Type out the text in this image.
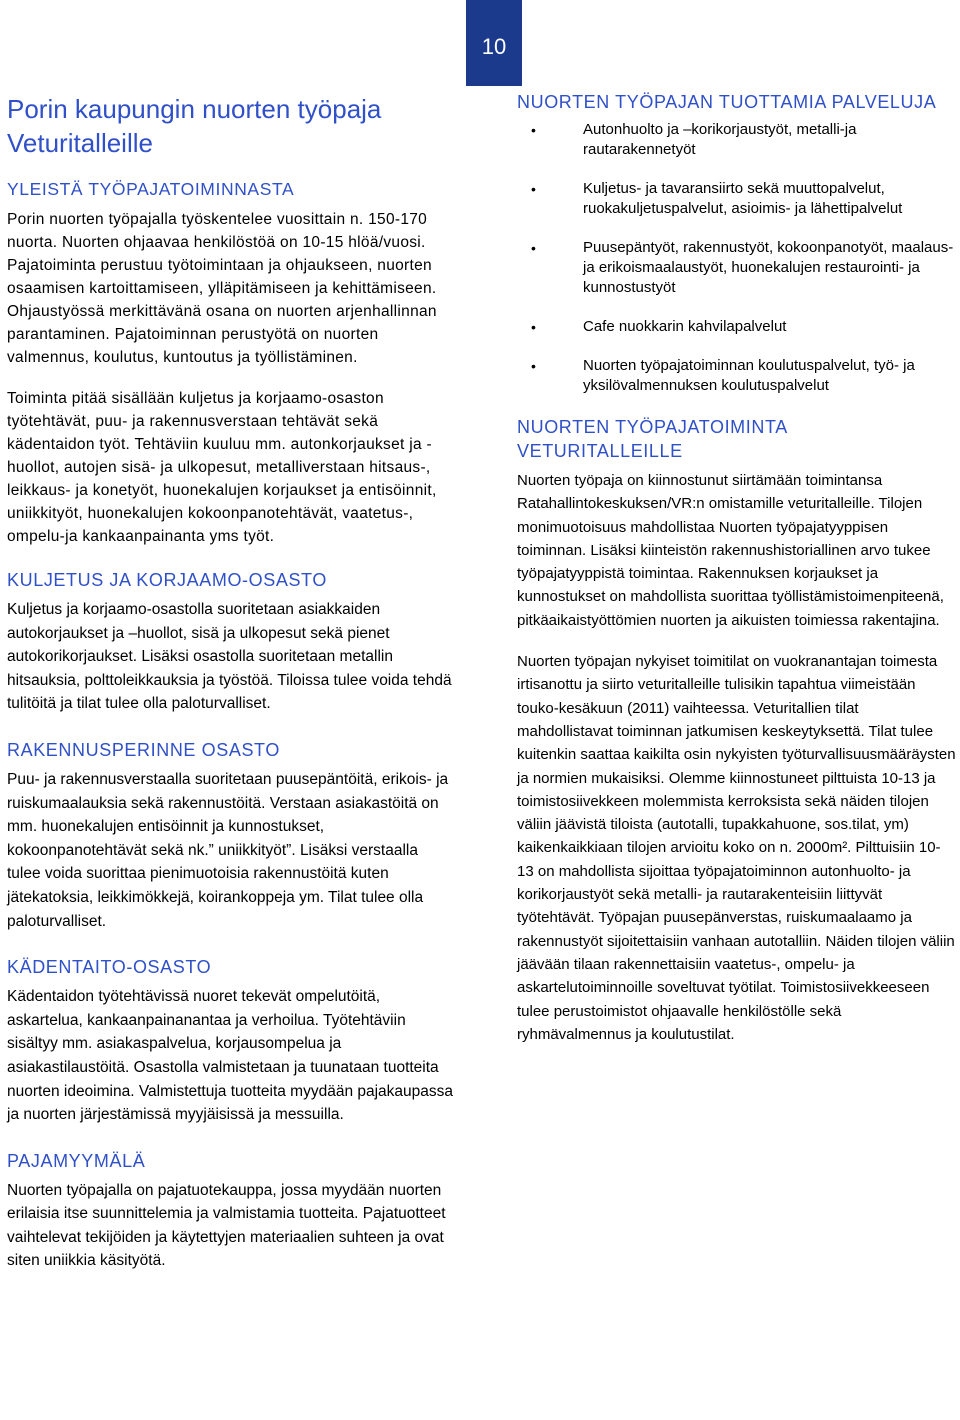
10
Porin kaupungin nuorten työpaja Veturitalleille
YLEISTÄ TYÖPAJATOIMINNASTA

Porin nuorten työpajalla työskentelee vuosittain n. 150-170 nuorta. Nuorten ohjaavaa henkilöstöä on 10-15 hlöä/vuosi. Pajatoiminta perustuu työtoimintaan ja ohjaukseen, nuorten osaamisen kartoittamiseen, ylläpitämiseen ja kehittämiseen. Ohjaustyössä merkittävänä osana on nuorten arjenhallinnan parantaminen. Pajatoiminnan perustyötä on nuorten valmennus, koulutus, kuntoutus ja työllistäminen.

Toiminta pitää sisällään kuljetus ja korjaamo-osaston työtehtävät, puu- ja rakennusverstaan tehtävät sekä kädentaidon työt. Tehtäviin kuuluu mm. autonkorjaukset ja -huollot, autojen sisä- ja ulkopesut, metalliverstaan hitsaus-, leikkaus- ja konetyöt, huonekalujen korjaukset ja entisöinnit, uniikkityöt, huonekalujen kokoonpanotehtävät, vaatetus-, ompelu-ja kankaanpainanta yms työt.

KULJETUS JA KORJAAMO-OSASTO

Kuljetus ja korjaamo-osastolla suoritetaan asiakkaiden autokorjaukset ja –huollot, sisä ja ulkopesut sekä pienet autokorikorjaukset. Lisäksi osastolla suoritetaan metallin hitsauksia, polttoleikkauksia ja työstöä. Tiloissa tulee voida tehdä tulitöitä ja tilat tulee olla paloturvalliset.

RAKENNUSPERINNE OSASTO

Puu- ja rakennusverstaalla suoritetaan puusepäntöitä, erikois- ja ruiskumaalauksia sekä rakennustöitä. Verstaan asiakastöitä on mm. huonekalujen entisöinnit ja kunnostukset, kokoonpanotehtävät sekä nk.” uniikkityöt”. Lisäksi verstaalla tulee voida suorittaa pienimuotoisia rakennustöitä kuten jätekatoksia, leikkimökkejä, koirankoppeja ym. Tilat tulee olla paloturvalliset.

KÄDENTAITO-OSASTO

Kädentaidon työtehtävissä nuoret tekevät ompelutöitä, askartelua, kankaanpainanantaa ja verhoilua. Työtehtäviin sisältyy mm. asiakaspalvelua, korjausompelua ja asiakastilaustöitä. Osastolla valmistetaan ja tuunataan tuotteita nuorten ideoimina. Valmistettuja tuotteita myydään pajakaupassa ja nuorten järjestämissä myyjäisissä ja messuilla.

PAJAMYYMÄLÄ

Nuorten työpajalla on pajatuotekauppa, jossa myydään nuorten erilaisia itse suunnittelemia ja valmistamia tuotteita. Pajatuotteet vaihtelevat tekijöiden ja käytettyjen materiaalien suhteen ja ovat siten uniikkia käsityötä.

NUORTEN TYÖPAJAN TUOTTAMIA PALVELUJA
•	Autonhuolto ja –korikorjaustyöt, metalli-ja rautarakennetyöt
•	Kuljetus- ja tavaransiirto sekä muuttopalvelut, ruokakuljetuspalvelut, asioimis- ja lähettipalvelut
•	Puusepäntyöt, rakennustyöt, kokoonpanotyöt, maalaus- ja erikoismaalaustyöt, huonekalujen restaurointi- ja kunnostustyöt
•	Cafe nuokkarin kahvilapalvelut
•	Nuorten työpajatoiminnan koulutuspalvelut, työ- ja yksilövalmennuksen koulutuspalvelut
NUORTEN TYÖPAJATOIMINTA VETURITALLEILLE

Nuorten työpaja on kiinnostunut siirtämään toimintansa Ratahallintokeskuksen/VR:n omistamille veturitalleille. Tilojen monimuotoisuus mahdollistaa Nuorten työpajatyyppisen toiminnan. Lisäksi kiinteistön rakennushistoriallinen arvo tukee työpajatyyppistä toimintaa. Rakennuksen korjaukset ja kunnostukset on mahdollista suorittaa työllistämistoimenpiteenä, pitkäaikaistyöttömien nuorten ja aikuisten toimiessa rakentajina.

Nuorten työpajan nykyiset toimitilat on vuokranantajan toimesta irtisanottu ja siirto veturitalleille tulisikin tapahtua viimeistään touko-kesäkuun (2011) vaihteessa. Veturitallien tilat mahdollistavat toiminnan jatkumisen keskeytyksettä. Tilat tulee kuitenkin saattaa kaikilta osin nykyisten työturvallisuusmääräysten ja normien mukaisiksi. Olemme kiinnostuneet pilttuista 10-13 ja toimistosiivekkeen molemmista kerroksista sekä näiden tilojen väliin jäävistä tiloista (autotalli, tupakkahuone, sos.tilat, ym) kaikenkaikkiaan tilojen arvioitu koko on n. 2000m². Pilttuisiin 10-13 on mahdollista sijoittaa työpajatoiminnon autonhuolto- ja korikorjaustyöt sekä metalli- ja rautarakenteisiin liittyvät työtehtävät. Työpajan puusepänverstas, ruiskumaalaamo ja rakennustyöt sijoitettaisiin vanhaan autotalliin. Näiden tilojen väliin jäävään tilaan rakennettaisiin vaatetus-, ompelu- ja askartelutoiminnoille soveltuvat työtilat. Toimistosiivekkeeseen tulee perustoimistot ohjaavalle henkilöstölle sekä ryhmävalmennus ja koulutustilat.
